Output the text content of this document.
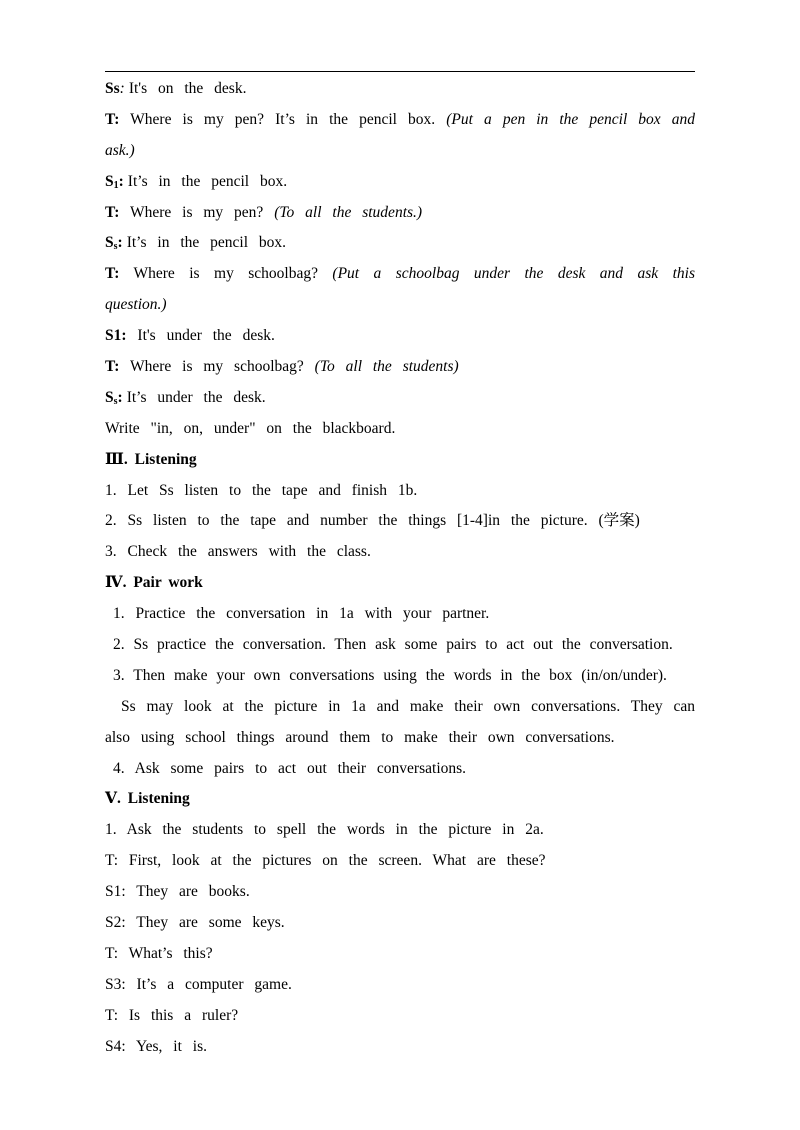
Ss: It's on the desk.
T: Where is my pen? It’s in the pencil box. (Put a pen in the pencil box and
ask.)
$S_1$: It’s in the pencil box.
T: Where is my pen? (To all the students.)
$S_s$: It’s in the pencil box.
T: Where is my schoolbag? (Put a schoolbag under the desk and ask this
question.)
S1: It's under the desk.
T: Where is my schoolbag? (To all the students)
$S_s$: It’s under the desk.
Write "in, on, under" on the blackboard.
Ⅲ. Listening
1. Let Ss listen to the tape and finish 1b.
2. Ss listen to the tape and number the things [1-4]in the picture. (学案)
3. Check the answers with the class.
Ⅳ. Pair work
1. Practice the conversation in 1a with your partner.
2. Ss practice the conversation. Then ask some pairs to act out the conversation.
3. Then make your own conversations using the words in the box (in/on/under).
Ss may look at the picture in 1a and make their own conversations. They can
also using school things around them to make their own conversations.
4. Ask some pairs to act out their conversations.
Ⅴ. Listening
1. Ask the students to spell the words in the picture in 2a.
T: First, look at the pictures on the screen. What are these?
S1: They are books.
S2: They are some keys.
T: What’s this?
S3: It’s a computer game.
T: Is this a ruler?
S4: Yes, it is.
